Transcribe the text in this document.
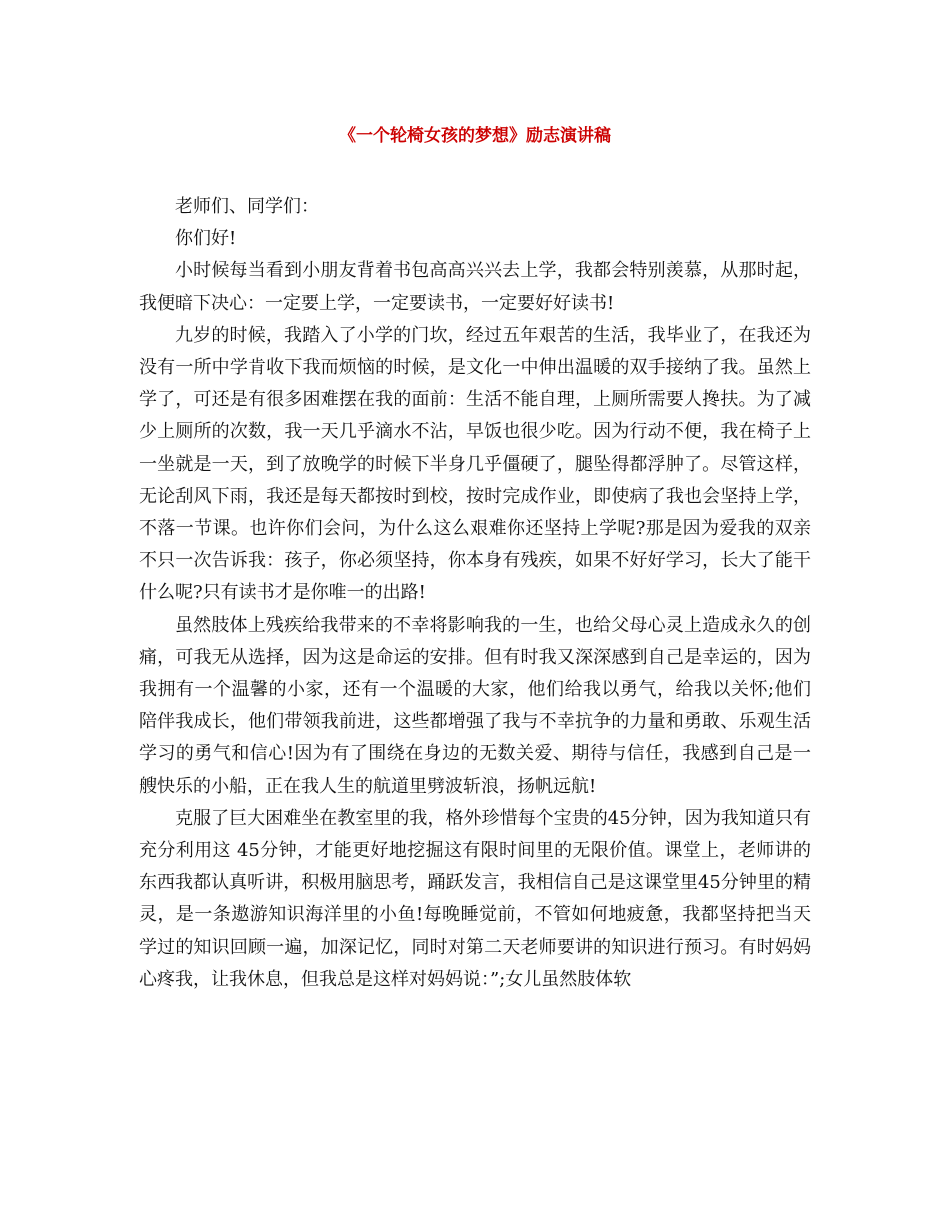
《一个轮椅女孩的梦想》励志演讲稿

老师们、同学们：

你们好!

小时候每当看到小朋友背着书包高高兴兴去上学，我都会特别羡慕，从那时起，我便暗下决心：一定要上学，一定要读书，一定要好好读书!

九岁的时候，我踏入了小学的门坎，经过五年艰苦的生活，我毕业了，在我还为没有一所中学肯收下我而烦恼的时候，是文化一中伸出温暖的双手接纳了我。虽然上学了，可还是有很多困难摆在我的面前：生活不能自理，上厕所需要人搀扶。为了减少上厕所的次数，我一天几乎滴水不沾，早饭也很少吃。因为行动不便，我在椅子上一坐就是一天，到了放晚学的时候下半身几乎僵硬了，腿坠得都浮肿了。尽管这样，无论刮风下雨，我还是每天都按时到校，按时完成作业，即使病了我也会坚持上学，不落一节课。也许你们会问，为什么这么艰难你还坚持上学呢?那是因为爱我的双亲不只一次告诉我：孩子，你必须坚持，你本身有残疾，如果不好好学习，长大了能干什么呢?只有读书才是你唯一的出路!

虽然肢体上残疾给我带来的不幸将影响我的一生，也给父母心灵上造成永久的创痛，可我无从选择，因为这是命运的安排。但有时我又深深感到自己是幸运的，因为我拥有一个温馨的小家，还有一个温暖的大家，他们给我以勇气，给我以关怀;他们陪伴我成长，他们带领我前进，这些都增强了我与不幸抗争的力量和勇敢、乐观生活学习的勇气和信心!因为有了围绕在身边的无数关爱、期待与信任，我感到自己是一艘快乐的小船，正在我人生的航道里劈波斩浪，扬帆远航!

克服了巨大困难坐在教室里的我，格外珍惜每个宝贵的45分钟，因为我知道只有充分利用这 45分钟，才能更好地挖掘这有限时间里的无限价值。课堂上，老师讲的东西我都认真听讲，积极用脑思考，踊跃发言，我相信自己是这课堂里45分钟里的精灵，是一条遨游知识海洋里的小鱼!每晚睡觉前，不管如何地疲惫，我都坚持把当天学过的知识回顾一遍，加深记忆，同时对第二天老师要讲的知识进行预习。有时妈妈心疼我，让我休息，但我总是这样对妈妈说：”;女儿虽然肢体软
